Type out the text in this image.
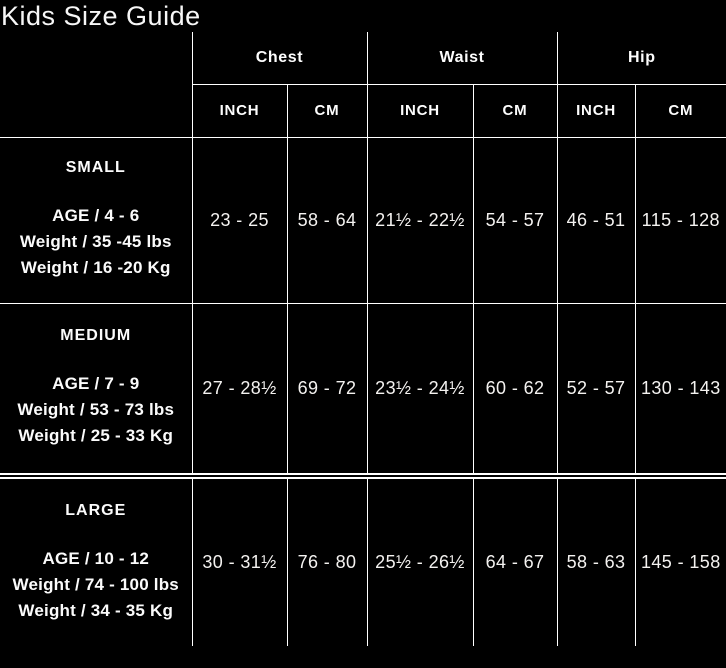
Kids Size Guide
	Chest		Waist		Hip	
	INCH	CM	INCH	CM	INCH	CM

SMALL
AGE / 4 - 6
Weight / 35 -45 lbs
Weight / 16 -20 Kg	23 - 25	58 - 64	21½ - 22½	54 - 57	46 - 51	115 - 128

MEDIUM
AGE / 7 - 9
Weight / 53 - 73 lbs
Weight / 25 - 33 Kg	27 - 28½	69 - 72	23½ - 24½	60 - 62	52 - 57	130 - 143

LARGE
AGE / 10 - 12
Weight / 74 - 100 lbs
Weight / 34 - 35 Kg	30 - 31½	76 - 80	25½ - 26½	64 - 67	58 - 63	145 - 158
